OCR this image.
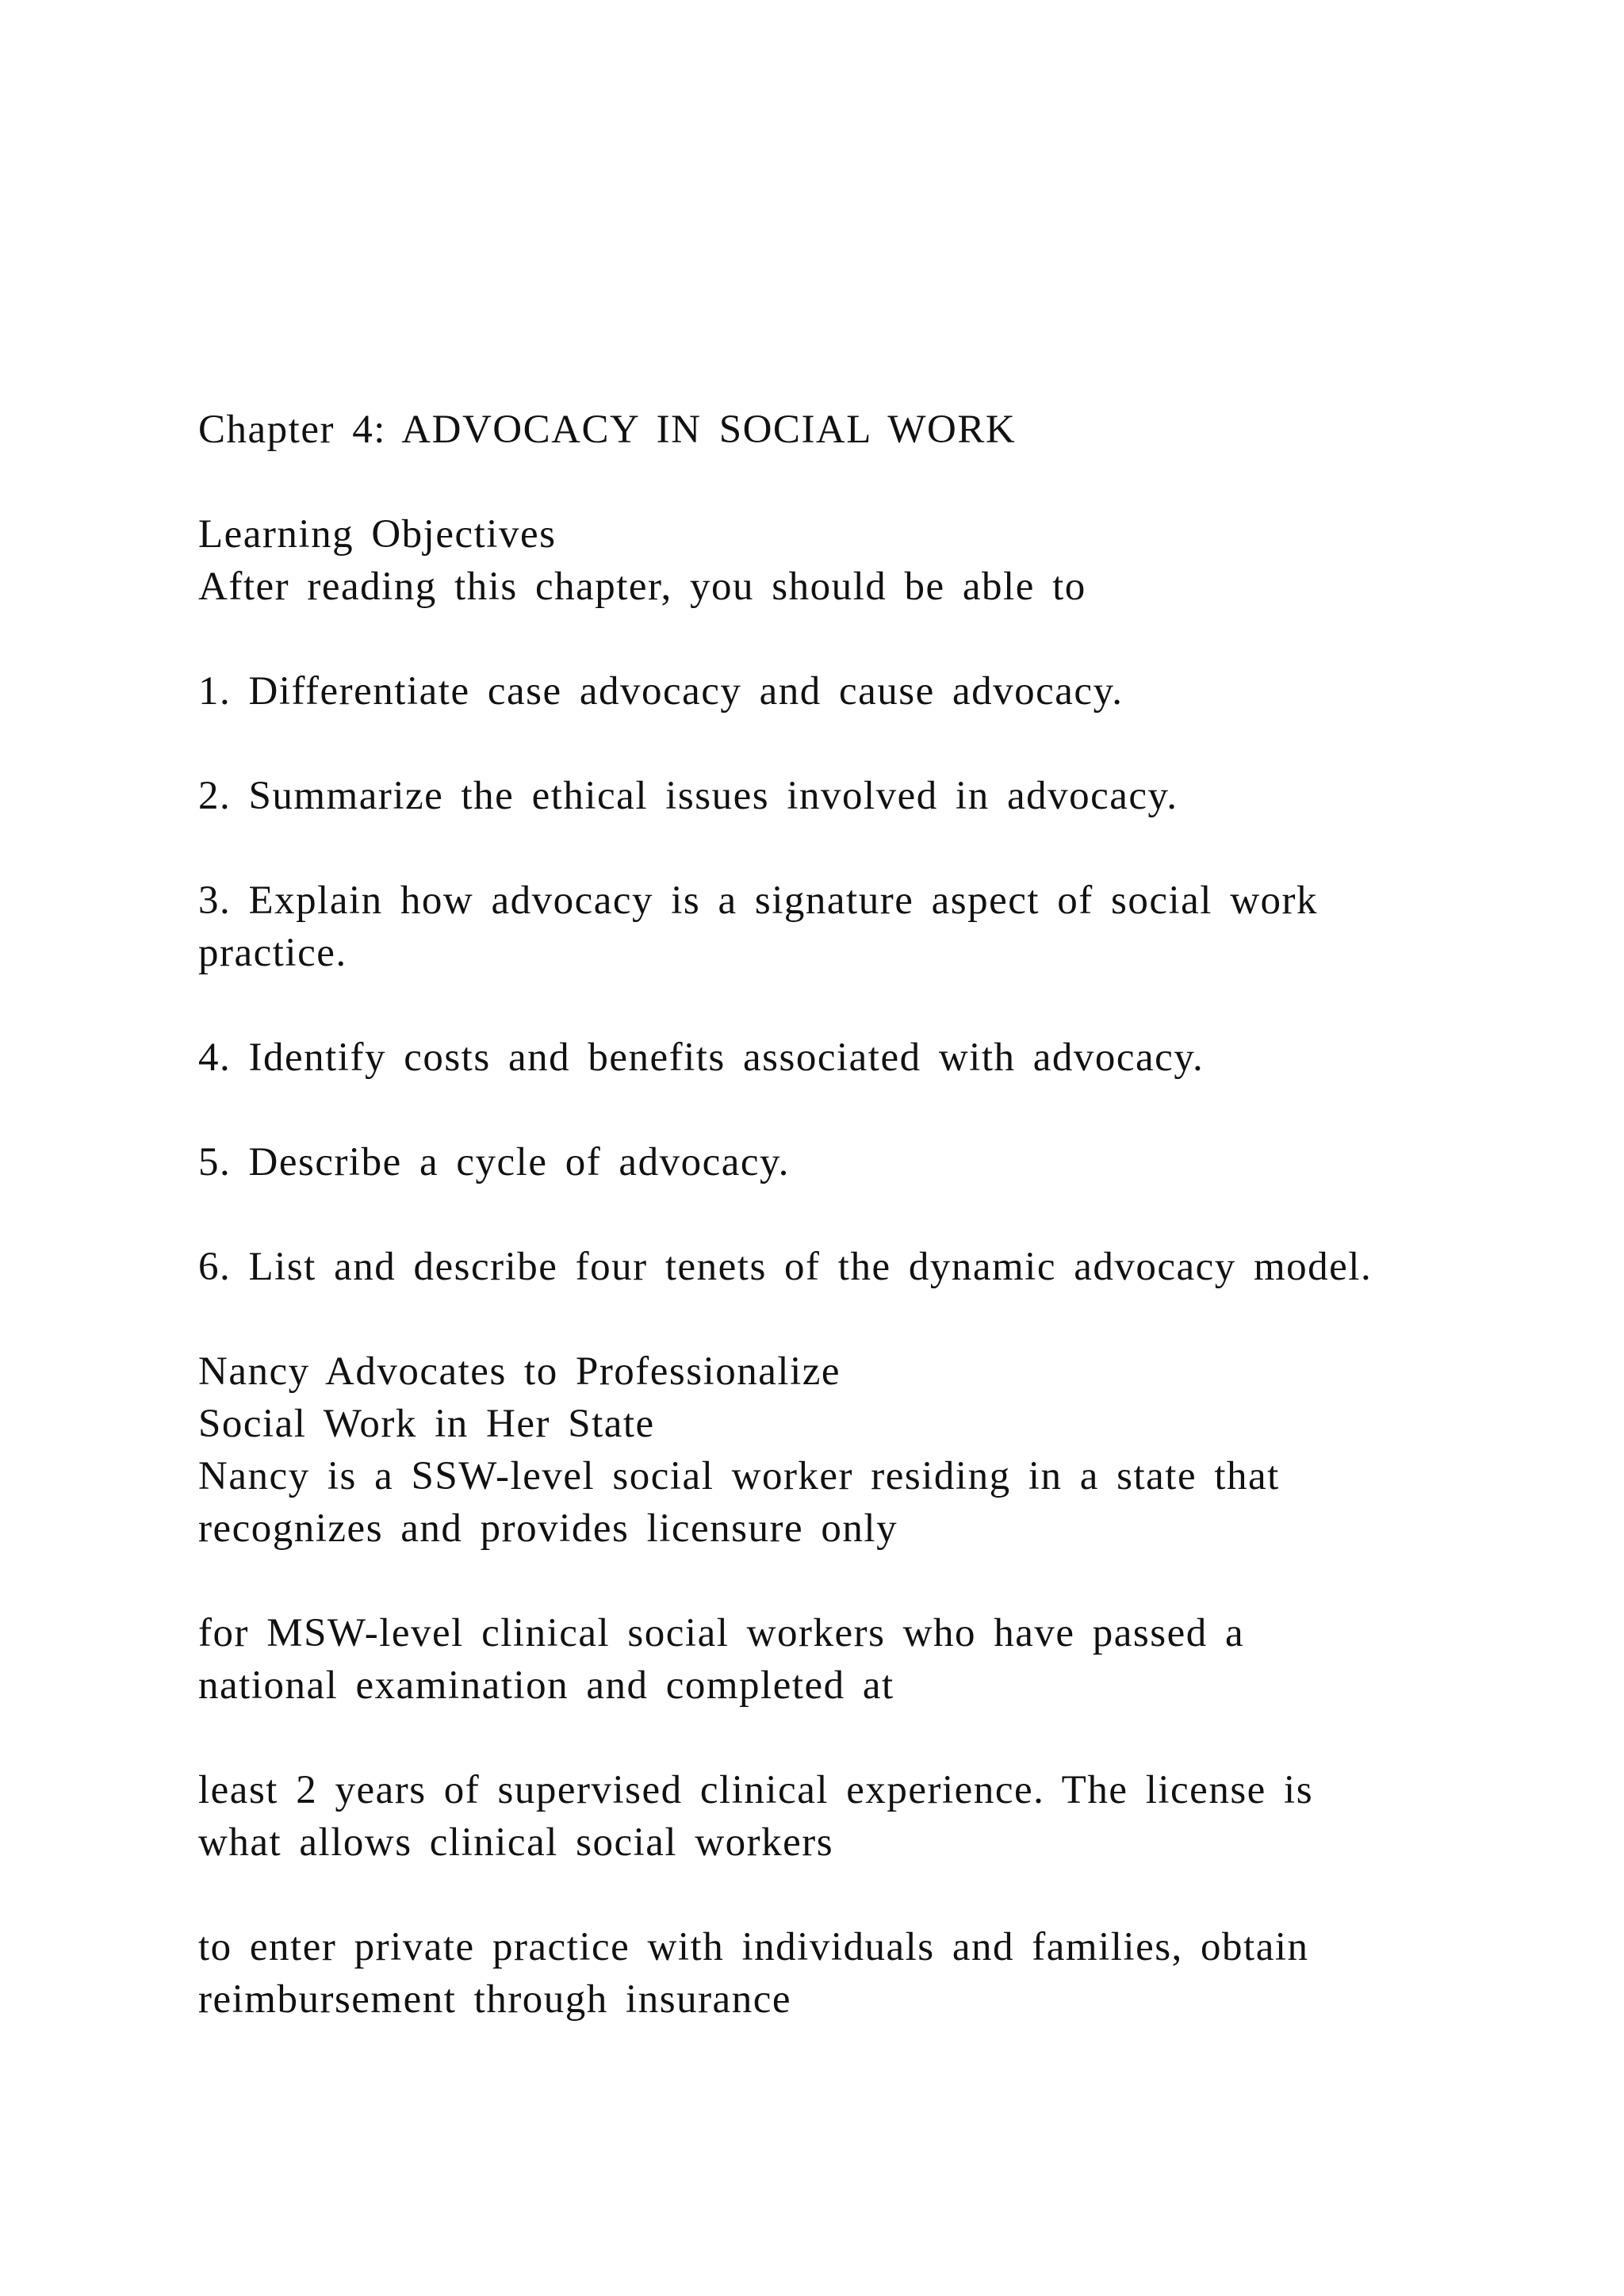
Chapter 4: ADVOCACY IN SOCIAL WORK

Learning Objectives

After reading this chapter, you should be able to

1. Differentiate case advocacy and cause advocacy.

2. Summarize the ethical issues involved in advocacy.

3. Explain how advocacy is a signature aspect of social work

practice.

4. Identify costs and benefits associated with advocacy.

5. Describe a cycle of advocacy.

6. List and describe four tenets of the dynamic advocacy model.

Nancy Advocates to Professionalize

Social Work in Her State

Nancy is a SSW-level social worker residing in a state that

recognizes and provides licensure only

for MSW-level clinical social workers who have passed a

national examination and completed at

least 2 years of supervised clinical experience. The license is

what allows clinical social workers

to enter private practice with individuals and families, obtain

reimbursement through insurance
